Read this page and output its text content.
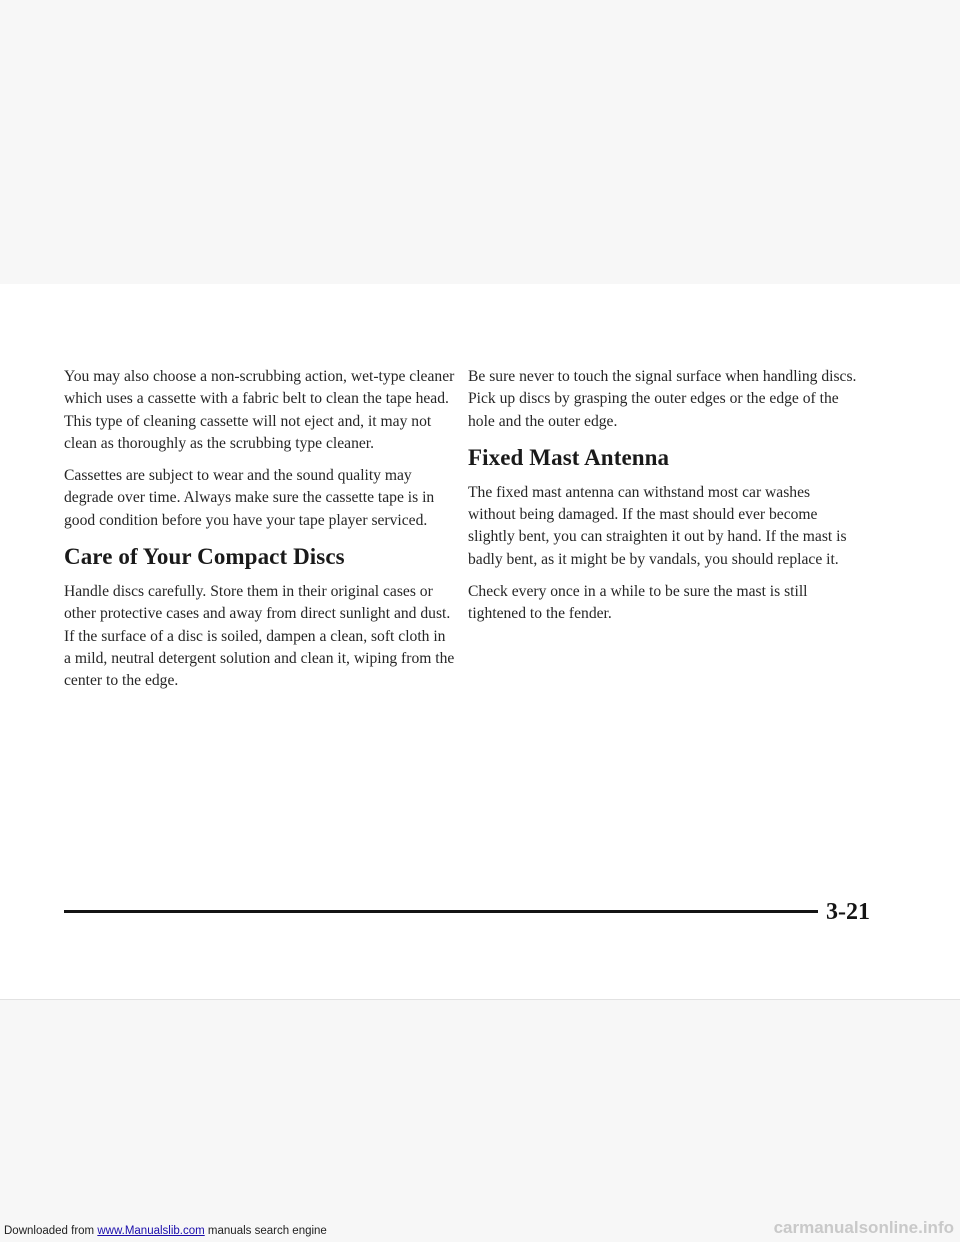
You may also choose a non-scrubbing action, wet-type cleaner which uses a cassette with a fabric belt to clean the tape head. This type of cleaning cassette will not eject and, it may not clean as thoroughly as the scrubbing type cleaner.

Cassettes are subject to wear and the sound quality may degrade over time. Always make sure the cassette tape is in good condition before you have your tape player serviced.

Care of Your Compact Discs

Handle discs carefully. Store them in their original cases or other protective cases and away from direct sunlight and dust. If the surface of a disc is soiled, dampen a clean, soft cloth in a mild, neutral detergent solution and clean it, wiping from the center to the edge.

Be sure never to touch the signal surface when handling discs. Pick up discs by grasping the outer edges or the edge of the hole and the outer edge.

Fixed Mast Antenna

The fixed mast antenna can withstand most car washes without being damaged. If the mast should ever become slightly bent, you can straighten it out by hand. If the mast is badly bent, as it might be by vandals, you should replace it.

Check every once in a while to be sure the mast is still tightened to the fender.

3-21
Downloaded from www.Manualslib.com manuals search engine	carmanualsonline.info
